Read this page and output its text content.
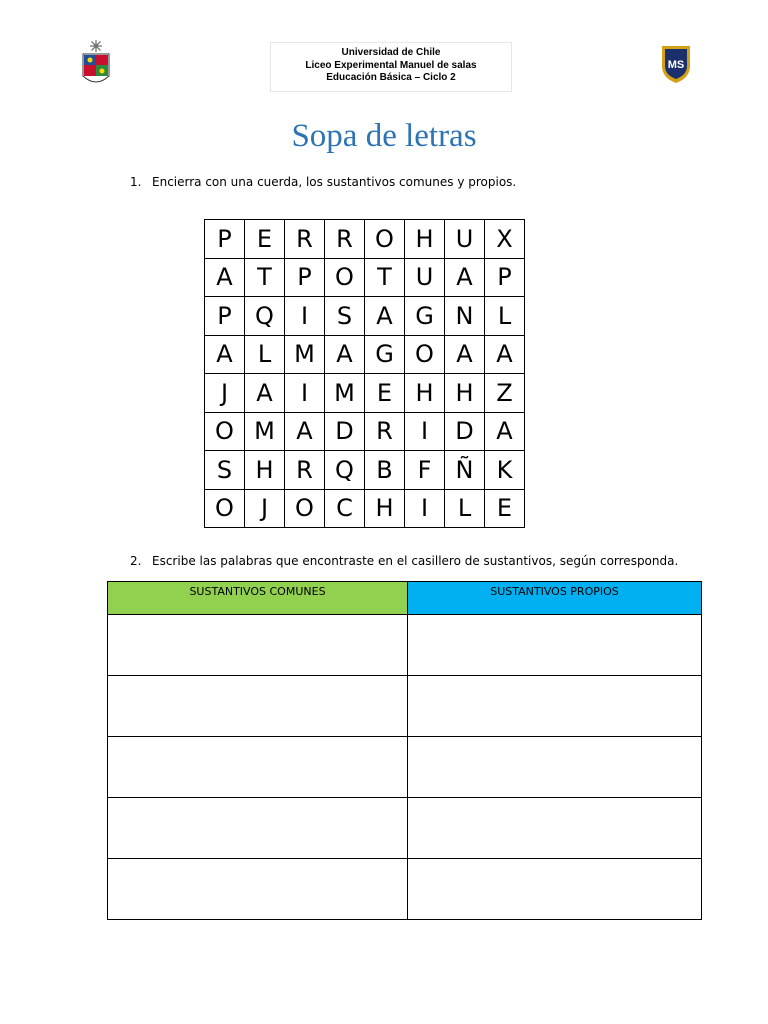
Universidad de Chile
Liceo Experimental Manuel de salas
Educación Básica – Ciclo 2
MS
Sopa de letras
1. Encierra con una cuerda, los sustantivos comunes y propios.
P	E	R	R	O	H	U	X
A	T	P	O	T	U	A	P
P	Q	I	S	A	G	N	L
A	L	M	A	G	O	A	A
J	A	I	M	E	H	H	Z
O	M	A	D	R	I	D	A
S	H	R	Q	B	F	Ñ	K
O	J	O	C	H	I	L	E
2. Escribe las palabras que encontraste en el casillero de sustantivos, según corresponda.
SUSTANTIVOS COMUNES	SUSTANTIVOS PROPIOS
